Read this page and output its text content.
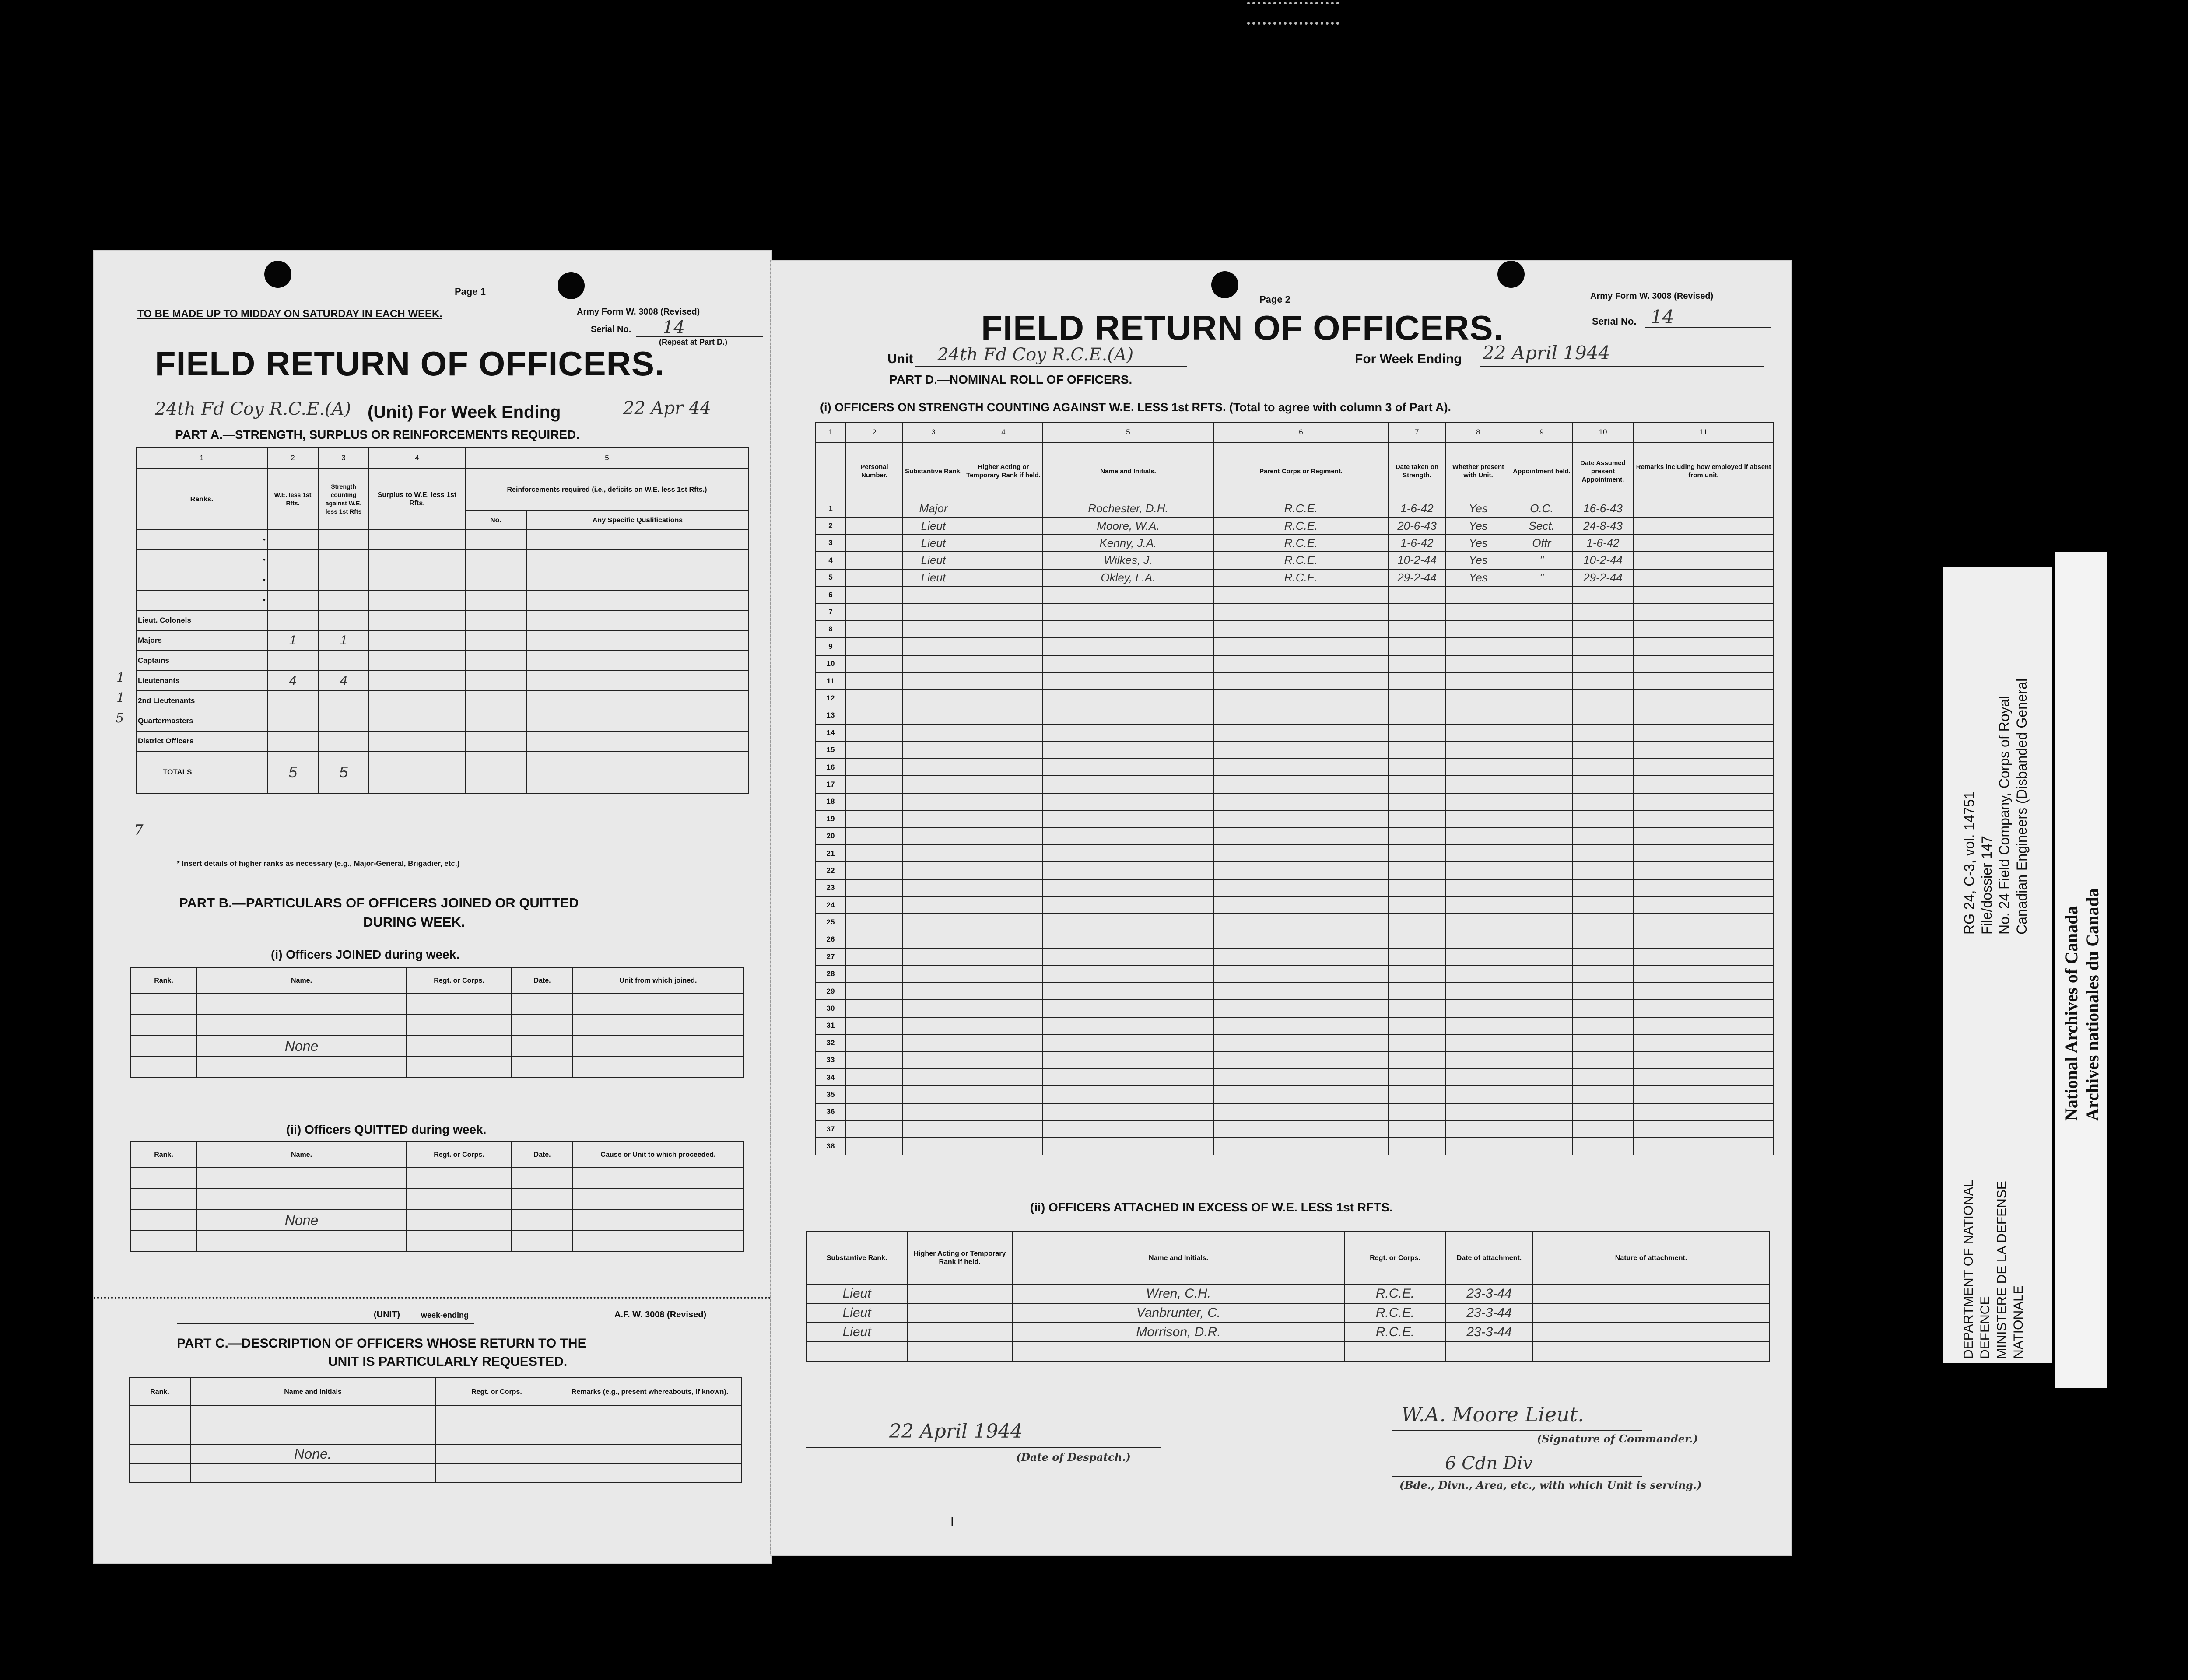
Page 1
TO BE MADE UP TO MIDDAY ON SATURDAY IN EACH WEEK.	Army Form W. 3008 (Revised)
Serial No. 14
(Repeat at Part D.)
FIELD RETURN OF OFFICERS.
24th Fd Coy R.C.E.(A) (Unit) For Week Ending	22 Apr 44
PART A.—STRENGTH, SURPLUS OR REINFORCEMENTS REQUIRED.
1	2	3	4	5	
Ranks.	W.E. less 1st Rfts.	Strength counting against W.E. less 1st Rfts	Surplus to W.E. less 1st Rfts.	Reinforcements required (i.e., deficits on W.E. less 1st Rfts.)	
				No.	Any Specific Qualifications
•					
•					
•					
•					
Lieut. Colonels					
Majors	1	1			
Captains					
Lieutenants	4	4			
2nd Lieutenants					
Quartermasters					
District Officers					
TOTALS	5	5			
1
1
5
7
* Insert details of higher ranks as necessary (e.g., Major-General, Brigadier, etc.)
PART B.—PARTICULARS OF OFFICERS JOINED OR QUITTED
DURING WEEK.
(i) Officers JOINED during week.
Rank.	Name.	Regt. or Corps.	Date.	Unit from which joined.

	None			

(ii) Officers QUITTED during week.
Rank.	Name.	Regt. or Corps.	Date.	Cause or Unit to which proceeded.

	None			

(UNIT)	week-ending	A.F. W. 3008 (Revised)
PART C.—DESCRIPTION OF OFFICERS WHOSE RETURN TO THE
UNIT IS PARTICULARLY REQUESTED.
Rank.	Name and Initials	Regt. or Corps.	Remarks (e.g., present whereabouts, if known).

	None.		

Page 2	Army Form W. 3008 (Revised)
Serial No. 14
FIELD RETURN OF OFFICERS.
Unit 24th Fd Coy R.C.E.(A)	For Week Ending 22 April 1944
PART D.—NOMINAL ROLL OF OFFICERS.
(i) OFFICERS ON STRENGTH COUNTING AGAINST W.E. LESS 1st RFTS. (Total to agree with column 3 of Part A).
1	2	3	4	5	6	7	8	9	10	11
	Personal Number.	Substantive Rank.	Higher Acting or Temporary Rank if held.	Name and Initials.	Parent Corps or Regiment.	Date taken on Strength.	Whether present with Unit.	Appointment held.	Date Assumed present Appointment.	Remarks including how employed if absent from unit.
1		Major		Rochester, D.H.	R.C.E.	1-6-42	Yes	O.C.	16-6-43	
2		Lieut		Moore, W.A.	R.C.E.	20-6-43	Yes	Sect.	24-8-43	
3		Lieut		Kenny, J.A.	R.C.E.	1-6-42	Yes	Offr	1-6-42	
4		Lieut		Wilkes, J.	R.C.E.	10-2-44	Yes	"	10-2-44	
5		Lieut		Okley, L.A.	R.C.E.	29-2-44	Yes	"	29-2-44	
6										
7										
8										
9										
10										
11										
12										
13										
14										
15										
16										
17										
18										
19										
20										
21										
22										
23										
24										
25										
26										
27										
28										
29										
30										
31										
32										
33										
34										
35										
36										
37										
38										
(ii) OFFICERS ATTACHED IN EXCESS OF W.E. LESS 1st RFTS.
Substantive Rank.	Higher Acting or Temporary Rank if held.	Name and Initials.	Regt. or Corps.	Date of attachment.	Nature of attachment.
Lieut		Wren, C.H.	R.C.E.	23-3-44	
Lieut		Vanbrunter, C.	R.C.E.	23-3-44	
Lieut		Morrison, D.R.	R.C.E.	23-3-44	

22 April 1944
(Date of Despatch.)
W.A. Moore Lieut.
(Signature of Commander.)
6 Cdn Div
(Bde., Divn., Area, etc., with which Unit is serving.)
I
RG 24, C-3, vol. 14751 File/dossier 147 No. 24 Field Company, Corps of Royal Canadian Engineers (Disbanded General
DEPARTMENT OF NATIONAL DEFENCE MINISTERE DE LA DEFENSE NATIONALE
National Archives of Canada Archives nationales du Canada
